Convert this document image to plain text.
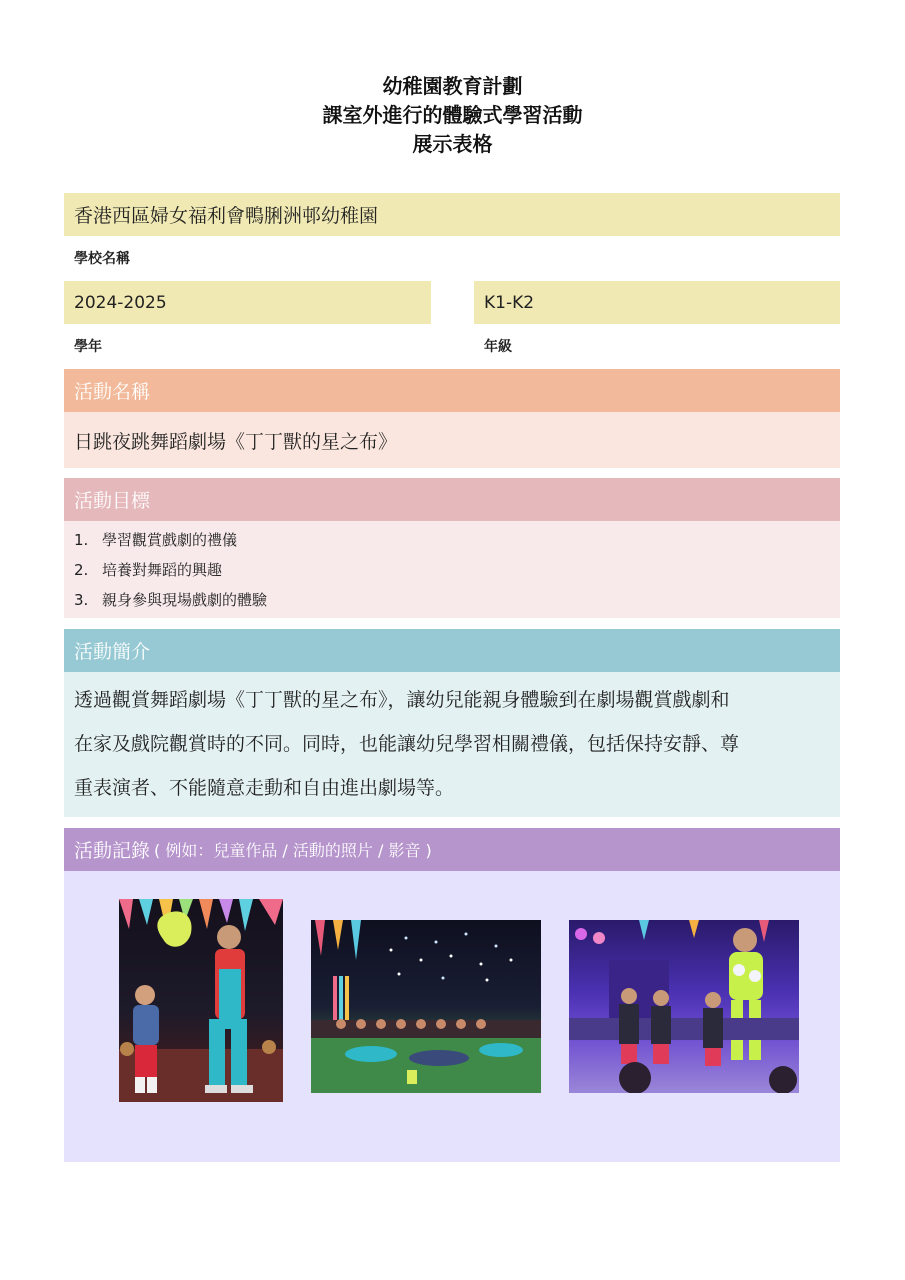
幼稚園教育計劃
課室外進行的體驗式學習活動
展示表格
香港西區婦女福利會鴨脷洲邨幼稚園
學校名稱
2024-2025
學年
K1-K2
年級
活動名稱
日跳夜跳舞蹈劇場《丁丁獸的星之布》
活動目標
1. 學習觀賞戲劇的禮儀
2. 培養對舞蹈的興趣
3. 親身參與現場戲劇的體驗
活動簡介
透過觀賞舞蹈劇場《丁丁獸的星之布》，讓幼兒能親身體驗到在劇場觀賞戲劇和
在家及戲院觀賞時的不同。同時，也能讓幼兒學習相關禮儀，包括保持安靜、尊
重表演者、不能隨意走動和自由進出劇場等。
活動記錄 ( 例如：兒童作品 / 活動的照片 / 影音 )
